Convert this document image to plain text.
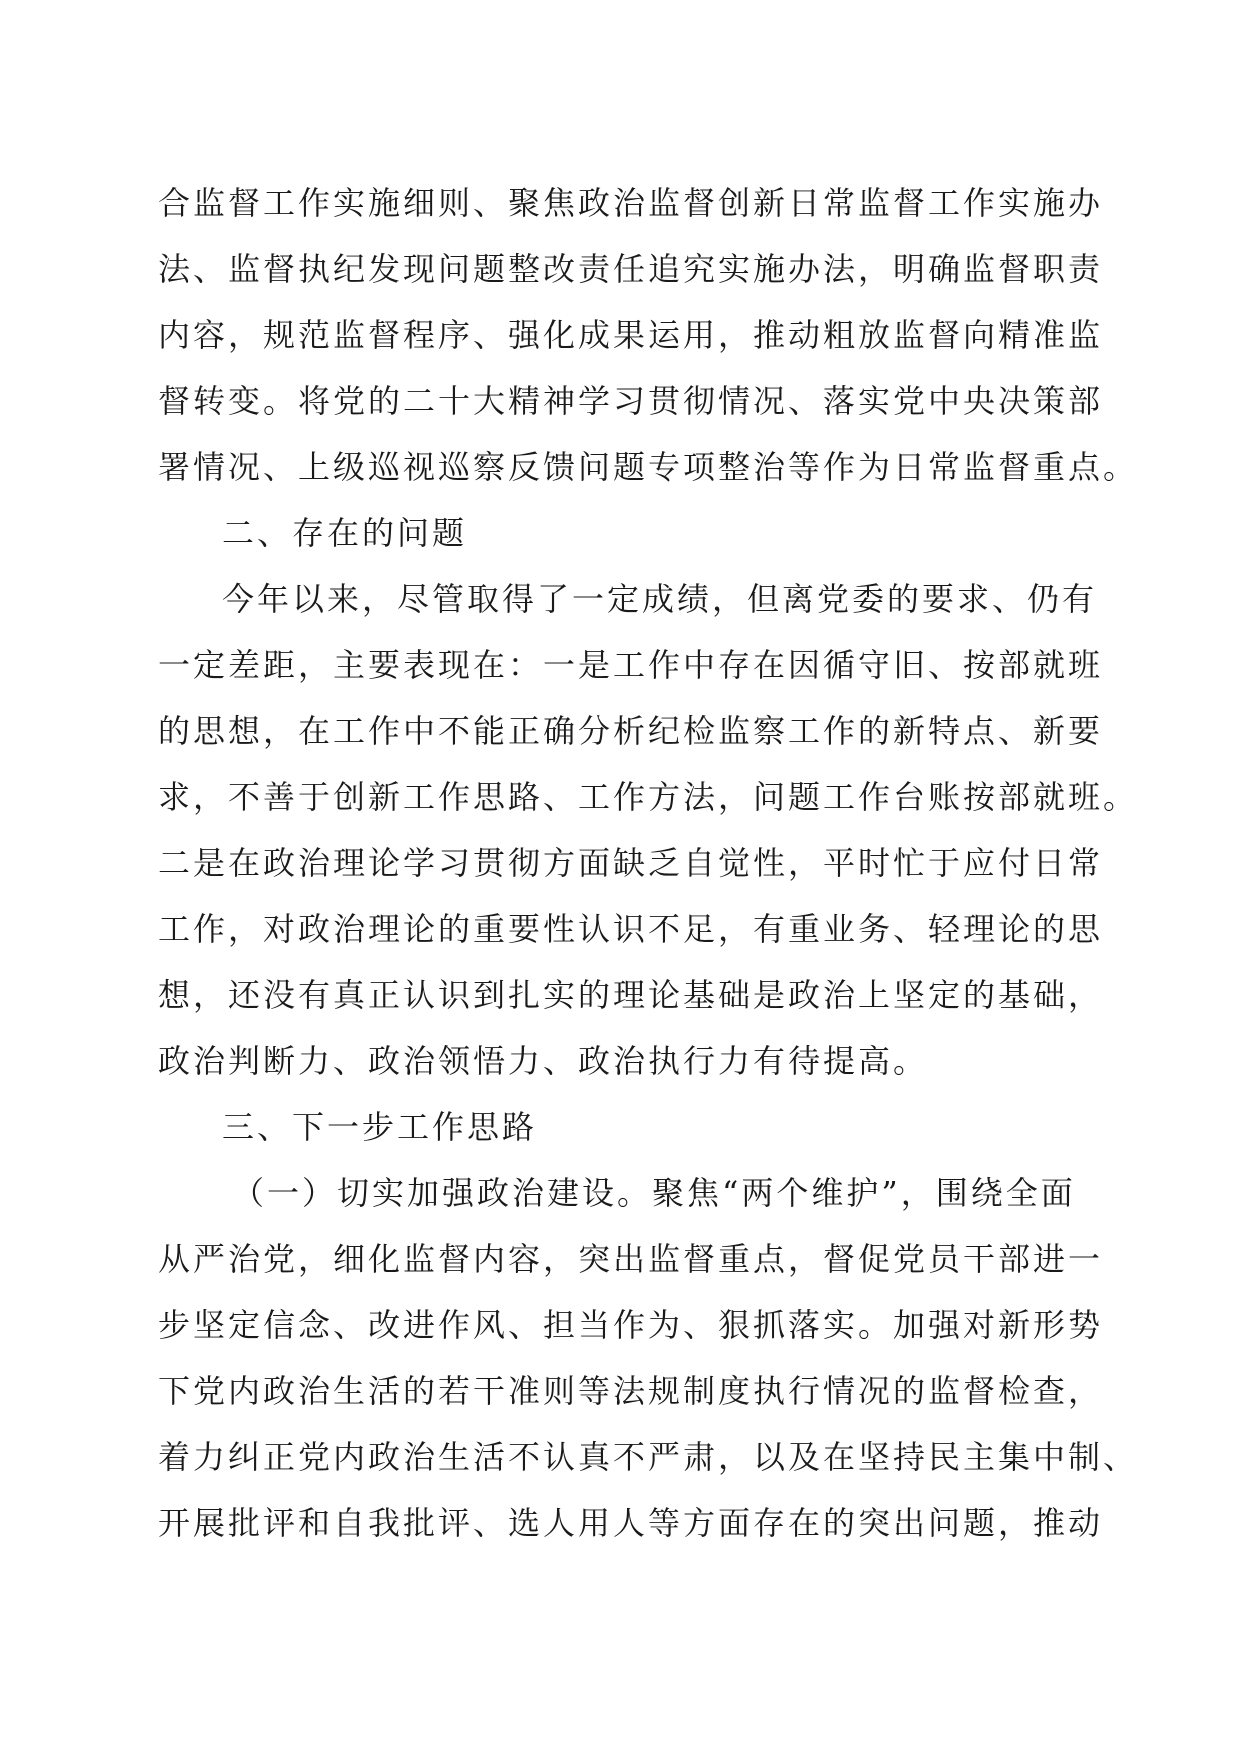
合监督工作实施细则、聚焦政治监督创新日常监督工作实施办
法、监督执纪发现问题整改责任追究实施办法，明确监督职责
内容，规范监督程序、强化成果运用，推动粗放监督向精准监
督转变。将党的二十大精神学习贯彻情况、落实党中央决策部
署情况、上级巡视巡察反馈问题专项整治等作为日常监督重点。
二、存在的问题
今年以来，尽管取得了一定成绩，但离党委的要求、仍有
一定差距，主要表现在：一是工作中存在因循守旧、按部就班
的思想，在工作中不能正确分析纪检监察工作的新特点、新要
求，不善于创新工作思路、工作方法，问题工作台账按部就班。
二是在政治理论学习贯彻方面缺乏自觉性，平时忙于应付日常
工作，对政治理论的重要性认识不足，有重业务、轻理论的思
想，还没有真正认识到扎实的理论基础是政治上坚定的基础，
政治判断力、政治领悟力、政治执行力有待提高。
三、下一步工作思路
（一）切实加强政治建设。聚焦“两个维护”，围绕全面
从严治党，细化监督内容，突出监督重点，督促党员干部进一
步坚定信念、改进作风、担当作为、狠抓落实。加强对新形势
下党内政治生活的若干准则等法规制度执行情况的监督检查，
着力纠正党内政治生活不认真不严肃，以及在坚持民主集中制、
开展批评和自我批评、选人用人等方面存在的突出问题，推动
